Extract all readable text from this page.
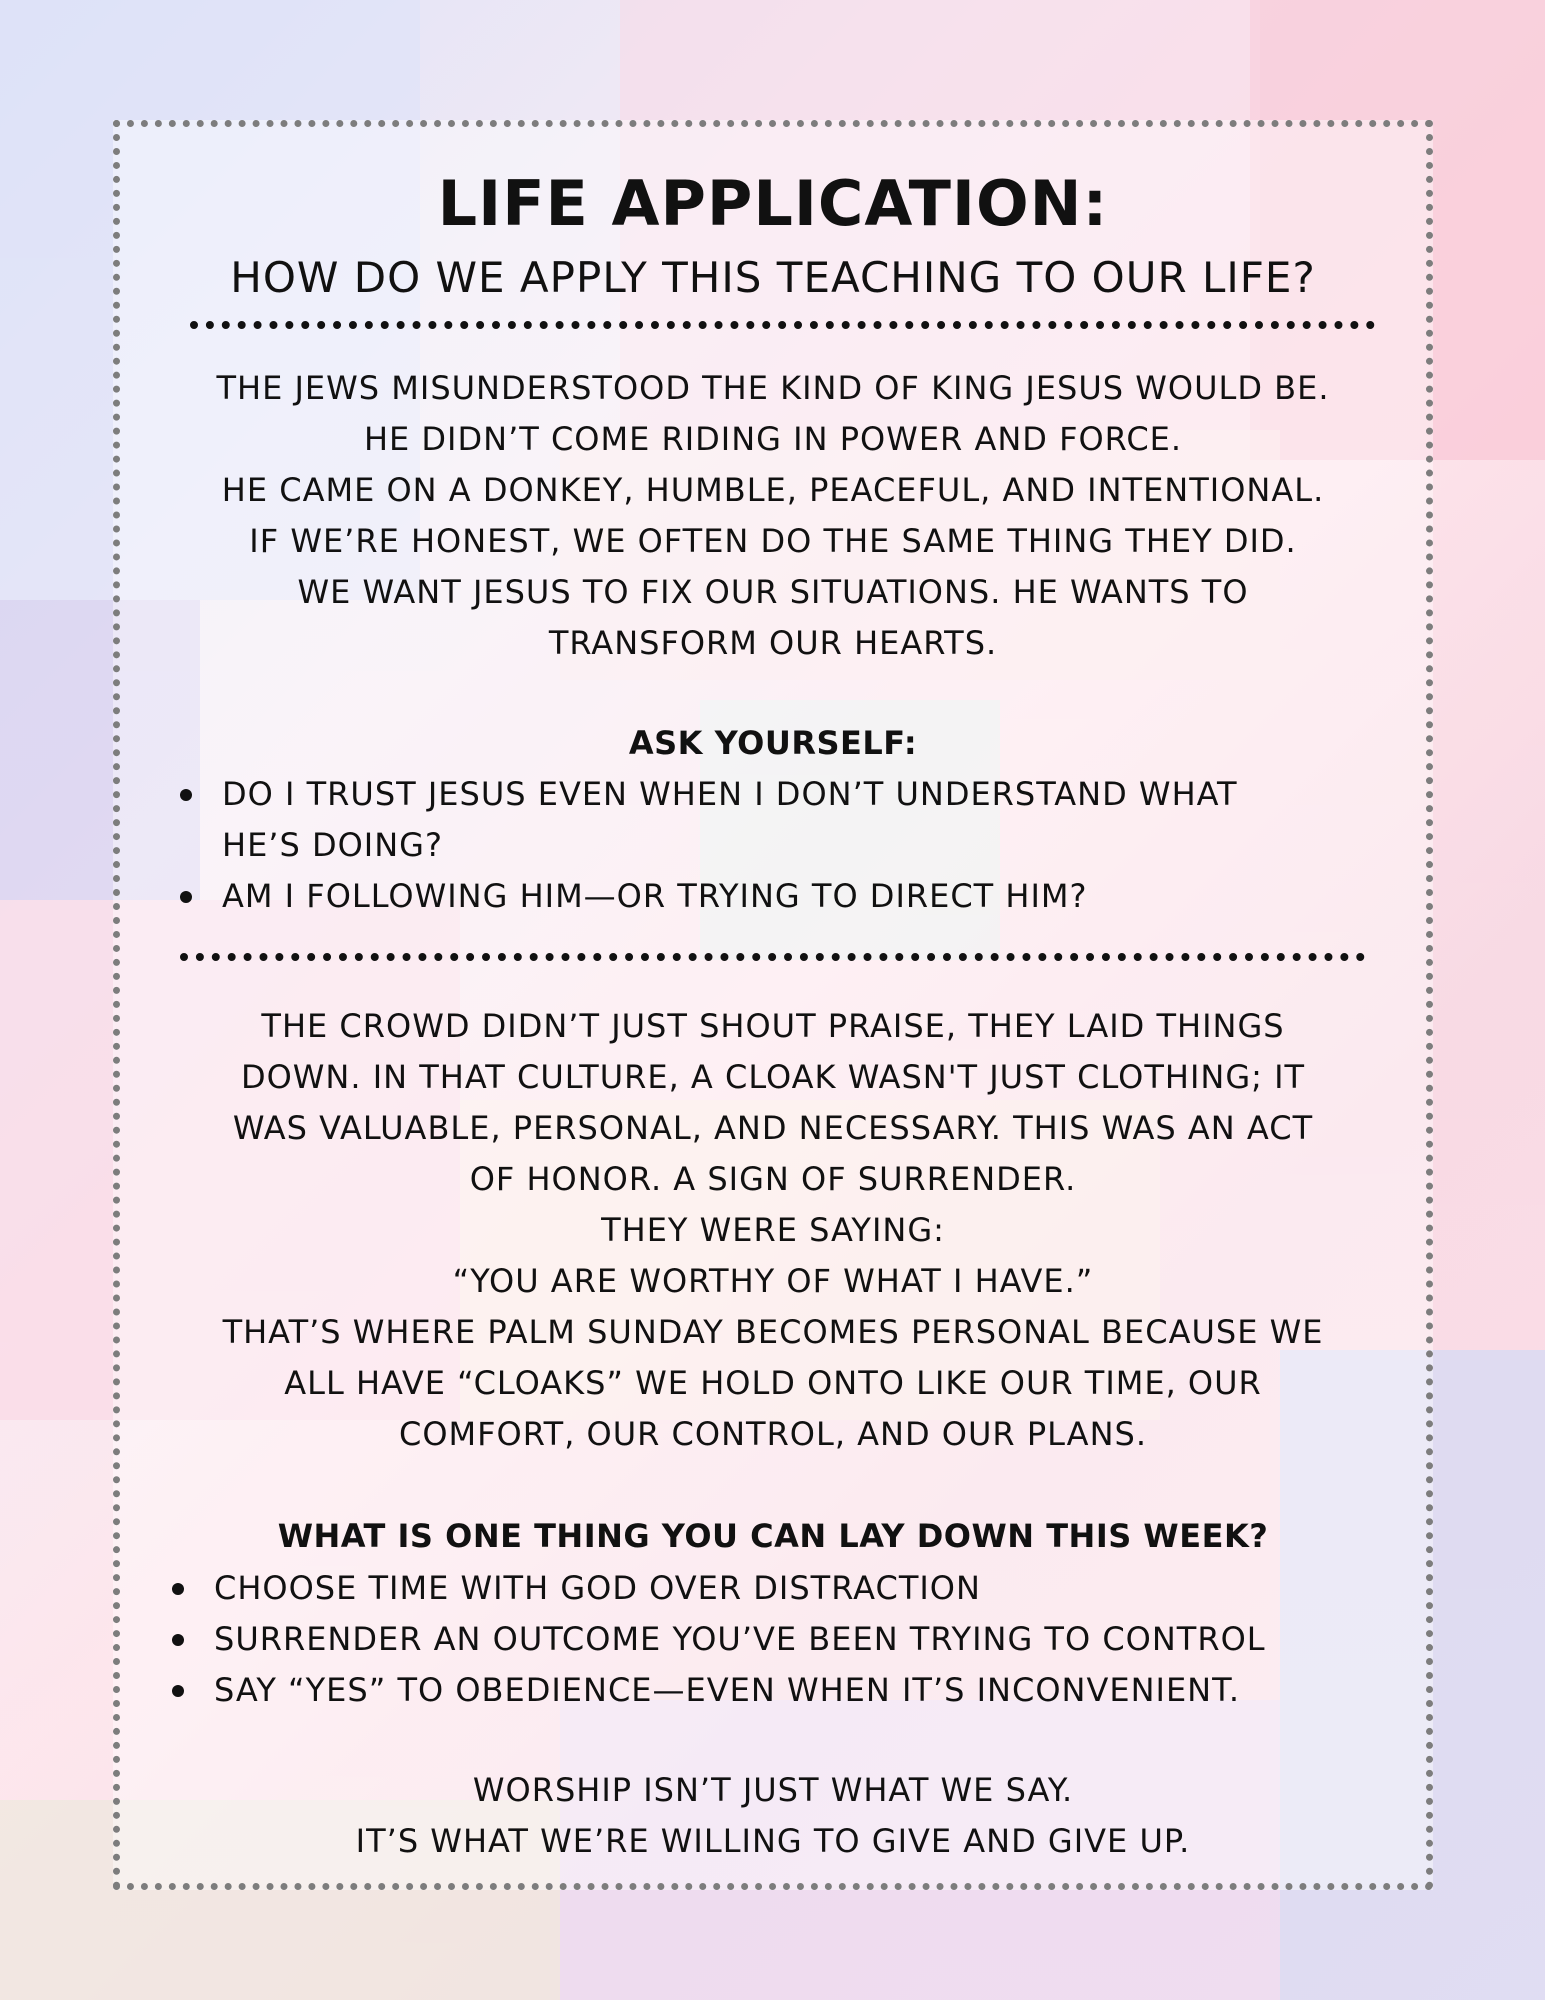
LIFE APPLICATION:
HOW DO WE APPLY THIS TEACHING TO OUR LIFE?
THE JEWS MISUNDERSTOOD THE KIND OF KING JESUS WOULD BE.
HE DIDN’T COME RIDING IN POWER AND FORCE.
HE CAME ON A DONKEY, HUMBLE, PEACEFUL, AND INTENTIONAL.
IF WE’RE HONEST, WE OFTEN DO THE SAME THING THEY DID.
WE WANT JESUS TO FIX OUR SITUATIONS. HE WANTS TO
TRANSFORM OUR HEARTS.
ASK YOURSELF:
DO I TRUST JESUS EVEN WHEN I DON’T UNDERSTAND WHAT
HE’S DOING?
AM I FOLLOWING HIM—OR TRYING TO DIRECT HIM?
THE CROWD DIDN’T JUST SHOUT PRAISE, THEY LAID THINGS
DOWN. IN THAT CULTURE, A CLOAK WASN'T JUST CLOTHING; IT
WAS VALUABLE, PERSONAL, AND NECESSARY. THIS WAS AN ACT
OF HONOR. A SIGN OF SURRENDER.
THEY WERE SAYING:
“YOU ARE WORTHY OF WHAT I HAVE.”
THAT’S WHERE PALM SUNDAY BECOMES PERSONAL BECAUSE WE
ALL HAVE “CLOAKS” WE HOLD ONTO LIKE OUR TIME, OUR
COMFORT, OUR CONTROL, AND OUR PLANS.
WHAT IS ONE THING YOU CAN LAY DOWN THIS WEEK?
CHOOSE TIME WITH GOD OVER DISTRACTION
SURRENDER AN OUTCOME YOU’VE BEEN TRYING TO CONTROL
SAY “YES” TO OBEDIENCE—EVEN WHEN IT’S INCONVENIENT.
WORSHIP ISN’T JUST WHAT WE SAY.
IT’S WHAT WE’RE WILLING TO GIVE AND GIVE UP.
